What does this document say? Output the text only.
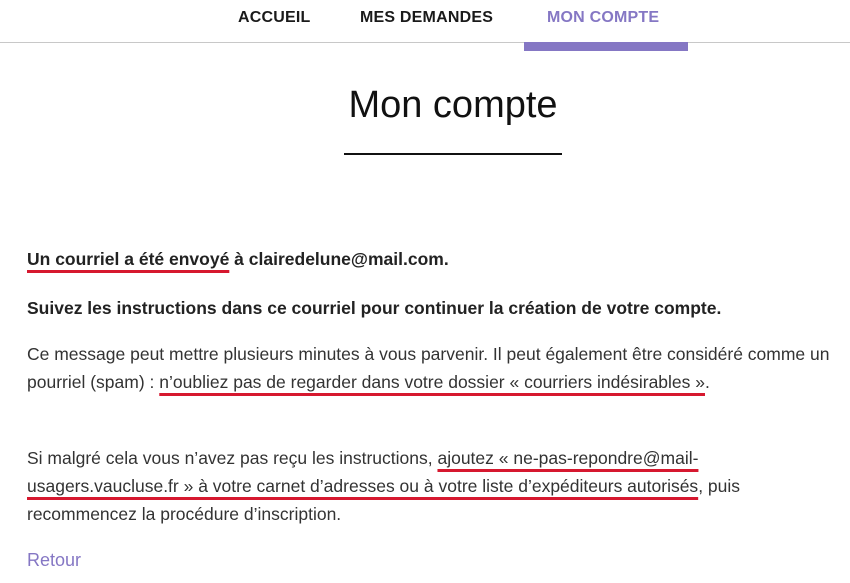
ACCUEIL	MES DEMANDES	MON COMPTE
Mon compte

Un courriel a été envoyé à clairedelune@mail.com.

Suivez les instructions dans ce courriel pour continuer la création de votre compte.

Ce message peut mettre plusieurs minutes à vous parvenir. Il peut également être considéré comme un pourriel (spam) : n’oubliez pas de regarder dans votre dossier « courriers indésirables ».

Si malgré cela vous n’avez pas reçu les instructions, ajoutez « ne-pas-repondre@mail-usagers.vaucluse.fr » à votre carnet d’adresses ou à votre liste d’expéditeurs autorisés, puis recommencez la procédure d’inscription.

Retour
